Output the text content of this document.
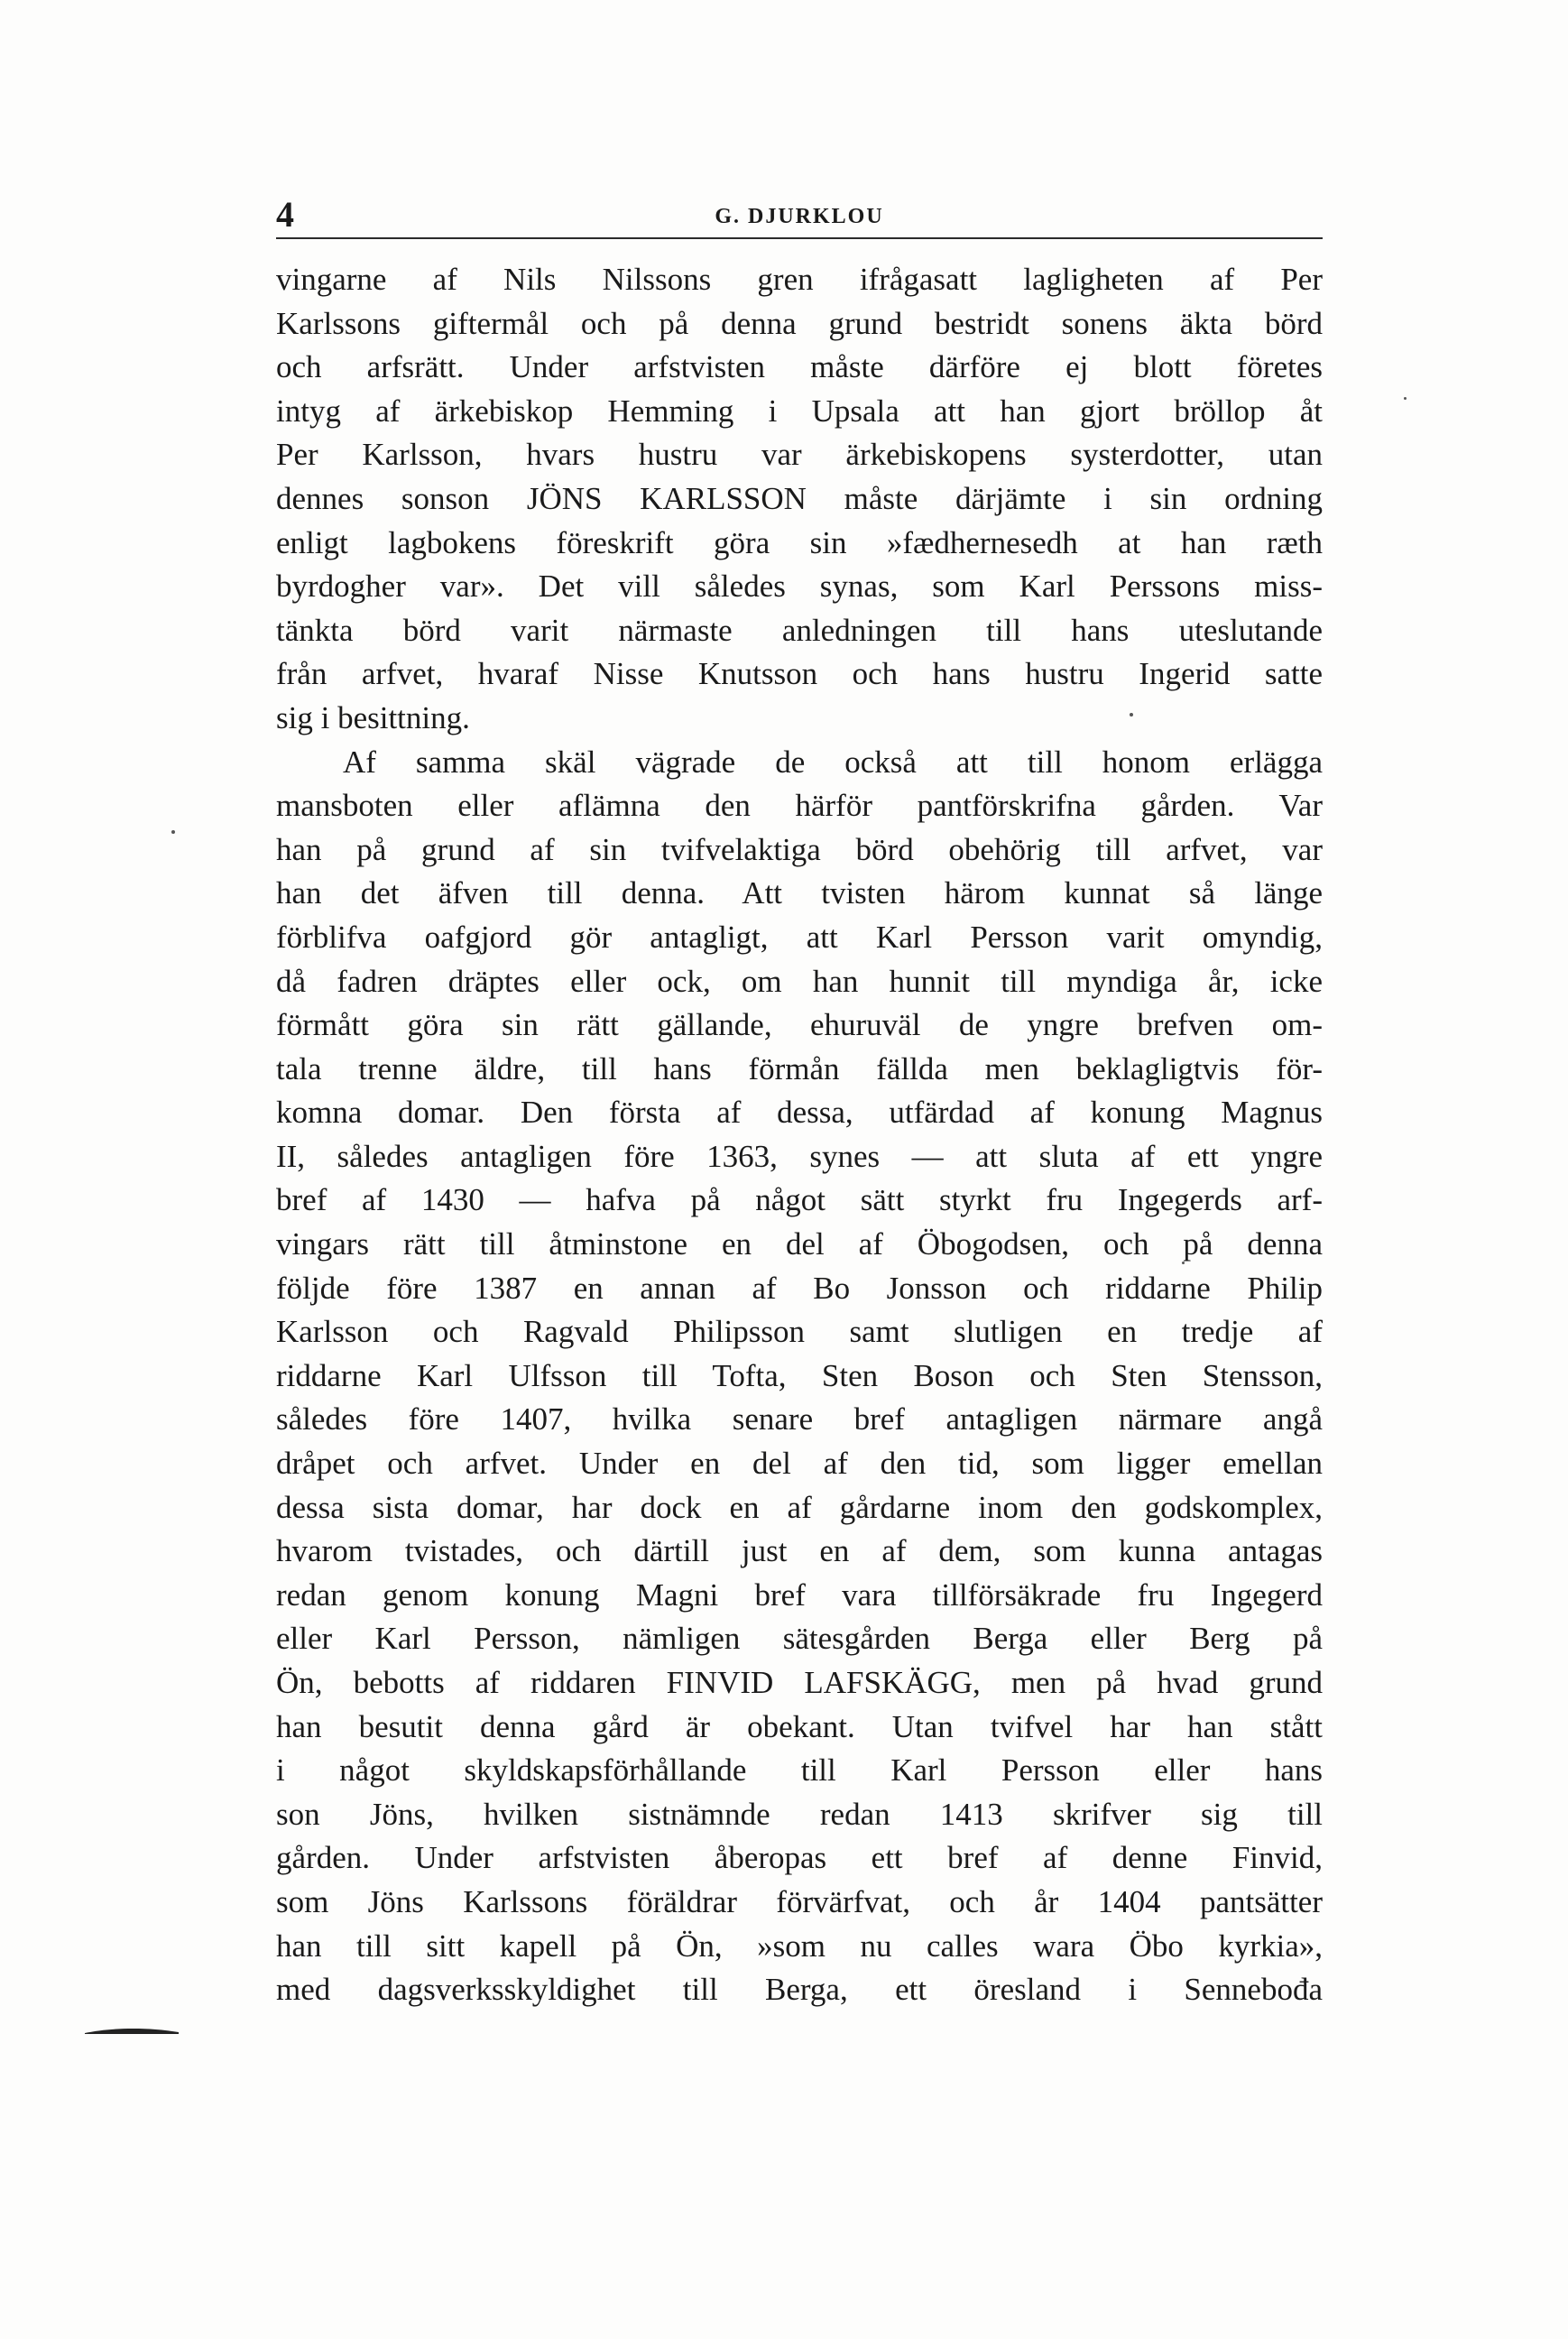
4	G. DJURKLOU
vingarne af Nils Nilssons gren ifrågasatt lagligheten af Per
Karlssons giftermål och på denna grund bestridt sonens äkta börd
och arfsrätt. Under arfstvisten måste därföre ej blott företes
intyg af ärkebiskop Hemming i Upsala att han gjort bröllop åt
Per Karlsson, hvars hustru var ärkebiskopens systerdotter, utan
dennes sonson JÖNS KARLSSON måste därjämte i sin ordning
enligt lagbokens föreskrift göra sin »fædhernesedh at han ræth
byrdogher var». Det vill således synas, som Karl Perssons miss-
tänkta börd varit närmaste anledningen till hans uteslutande
från arfvet, hvaraf Nisse Knutsson och hans hustru Ingerid satte
sig i besittning.
Af samma skäl vägrade de också att till honom erlägga
mansboten eller aflämna den härför pantförskrifna gården. Var
han på grund af sin tvifvelaktiga börd obehörig till arfvet, var
han det äfven till denna. Att tvisten härom kunnat så länge
förblifva oafgjord gör antagligt, att Karl Persson varit omyndig,
då fadren dräptes eller ock, om han hunnit till myndiga år, icke
förmått göra sin rätt gällande, ehuruväl de yngre brefven om-
tala trenne äldre, till hans förmån fällda men beklagligtvis för-
komna domar. Den första af dessa, utfärdad af konung Magnus
II, således antagligen före 1363, synes — att sluta af ett yngre
bref af 1430 — hafva på något sätt styrkt fru Ingegerds arf-
vingars rätt till åtminstone en del af Öbogodsen, och på denna
följde före 1387 en annan af Bo Jonsson och riddarne Philip
Karlsson och Ragvald Philipsson samt slutligen en tredje af
riddarne Karl Ulfsson till Tofta, Sten Boson och Sten Stensson,
således före 1407, hvilka senare bref antagligen närmare angå
dråpet och arfvet. Under en del af den tid, som ligger emellan
dessa sista domar, har dock en af gårdarne inom den godskomplex,
hvarom tvistades, och därtill just en af dem, som kunna antagas
redan genom konung Magni bref vara tillförsäkrade fru Ingegerd
eller Karl Persson, nämligen sätesgården Berga eller Berg på
Ön, bebotts af riddaren FINVID LAFSKÄGG, men på hvad grund
han besutit denna gård är obekant. Utan tvifvel har han stått
i något skyldskapsförhållande till Karl Persson eller hans
son Jöns, hvilken sistnämnde redan 1413 skrifver sig till
gården. Under arfstvisten åberopas ett bref af denne Finvid,
som Jöns Karlssons föräldrar förvärfvat, och år 1404 pantsätter
han till sitt kapell på Ön, »som nu calles wara Öbo kyrkia»,
med dagsverksskyldighet till Berga, ett öresland i Sennebođa
